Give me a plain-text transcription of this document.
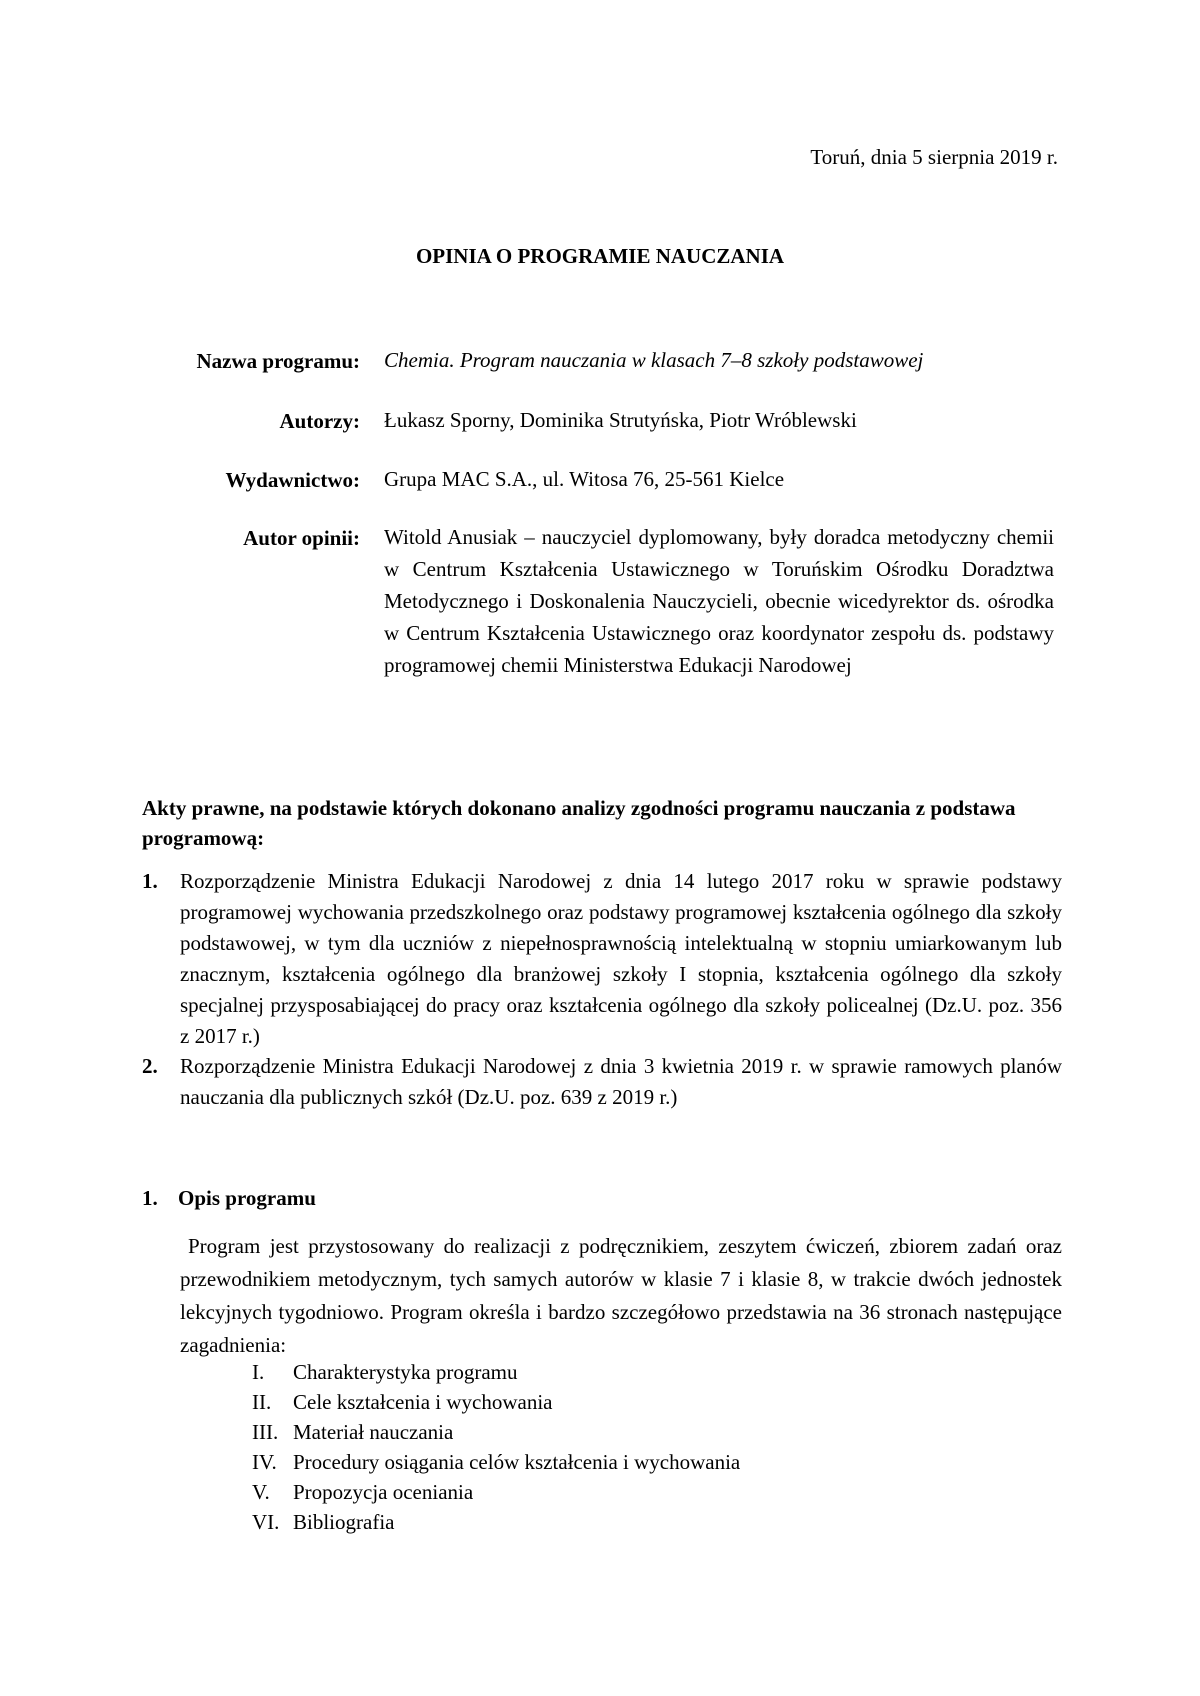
Toruń, dnia 5 sierpnia 2019 r.
OPINIA O PROGRAMIE NAUCZANIA
Nazwa programu: Chemia. Program nauczania w klasach 7–8 szkoły podstawowej
Autorzy: Łukasz Sporny, Dominika Strutyńska, Piotr Wróblewski
Wydawnictwo: Grupa MAC S.A., ul. Witosa 76, 25-561 Kielce
Autor opinii: Witold Anusiak – nauczyciel dyplomowany, były doradca metodyczny chemii w Centrum Kształcenia Ustawicznego w Toruńskim Ośrodku Doradztwa Metodycznego i Doskonalenia Nauczycieli, obecnie wicedyrektor ds. ośrodka w Centrum Kształcenia Ustawicznego oraz koordynator zespołu ds. podstawy programowej chemii Ministerstwa Edukacji Narodowej
Akty prawne, na podstawie których dokonano analizy zgodności programu nauczania z podstawa programową:
1.	Rozporządzenie Ministra Edukacji Narodowej z dnia 14 lutego 2017 roku w sprawie podstawy programowej wychowania przedszkolnego oraz podstawy programowej kształcenia ogólnego dla szkoły podstawowej, w tym dla uczniów z niepełnosprawnością intelektualną w stopniu umiarkowanym lub znacznym, kształcenia ogólnego dla branżowej szkoły I stopnia, kształcenia ogólnego dla szkoły specjalnej przysposabiającej do pracy oraz kształcenia ogólnego dla szkoły policealnej (Dz.U. poz. 356 z 2017 r.)
2.	Rozporządzenie Ministra Edukacji Narodowej z dnia 3 kwietnia 2019 r. w sprawie ramowych planów nauczania dla publicznych szkół (Dz.U. poz. 639 z 2019 r.)
1. Opis programu
Program jest przystosowany do realizacji z podręcznikiem, zeszytem ćwiczeń, zbiorem zadań oraz przewodnikiem metodycznym, tych samych autorów w klasie 7 i klasie 8, w trakcie dwóch jednostek lekcyjnych tygodniowo. Program określa i bardzo szczegółowo przedstawia na 36 stronach następujące zagadnienia:
I.	Charakterystyka programu
II.	Cele kształcenia i wychowania
III. Materiał nauczania
IV. Procedury osiągania celów kształcenia i wychowania
V.	Propozycja oceniania
VI. Bibliografia
